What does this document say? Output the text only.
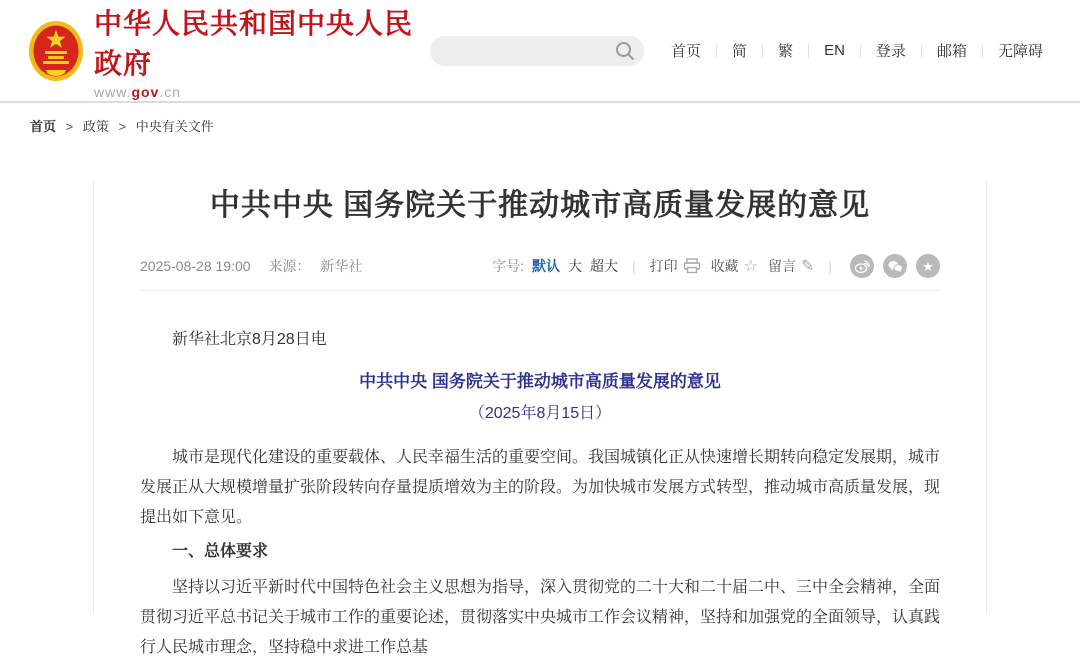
中华人民共和国中央人民政府
www.gov.cn
首页 ｜ 简 ｜ 繁 ｜ EN ｜ 登录 ｜ 邮箱 ｜ 无障碍
首页 > 政策 > 中央有关文件
中共中央 国务院关于推动城市高质量发展的意见
2025-08-28 19:00 来源： 新华社	字号: 默认 大 超大 | 打印 收藏 ☆ 留言 ✎ |	★

新华社北京8月28日电

中共中央 国务院关于推动城市高质量发展的意见

（2025年8月15日）

城市是现代化建设的重要载体、人民幸福生活的重要空间。我国城镇化正从快速增长期转向稳定发展期，城市发展正从大规模增量扩张阶段转向存量提质增效为主的阶段。为加快城市发展方式转型，推动城市高质量发展，现提出如下意见。

一、总体要求

坚持以习近平新时代中国特色社会主义思想为指导，深入贯彻党的二十大和二十届二中、三中全会精神，全面贯彻习近平总书记关于城市工作的重要论述，贯彻落实中央城市工作会议精神，坚持和加强党的全面领导，认真践行人民城市理念，坚持稳中求进工作总基
